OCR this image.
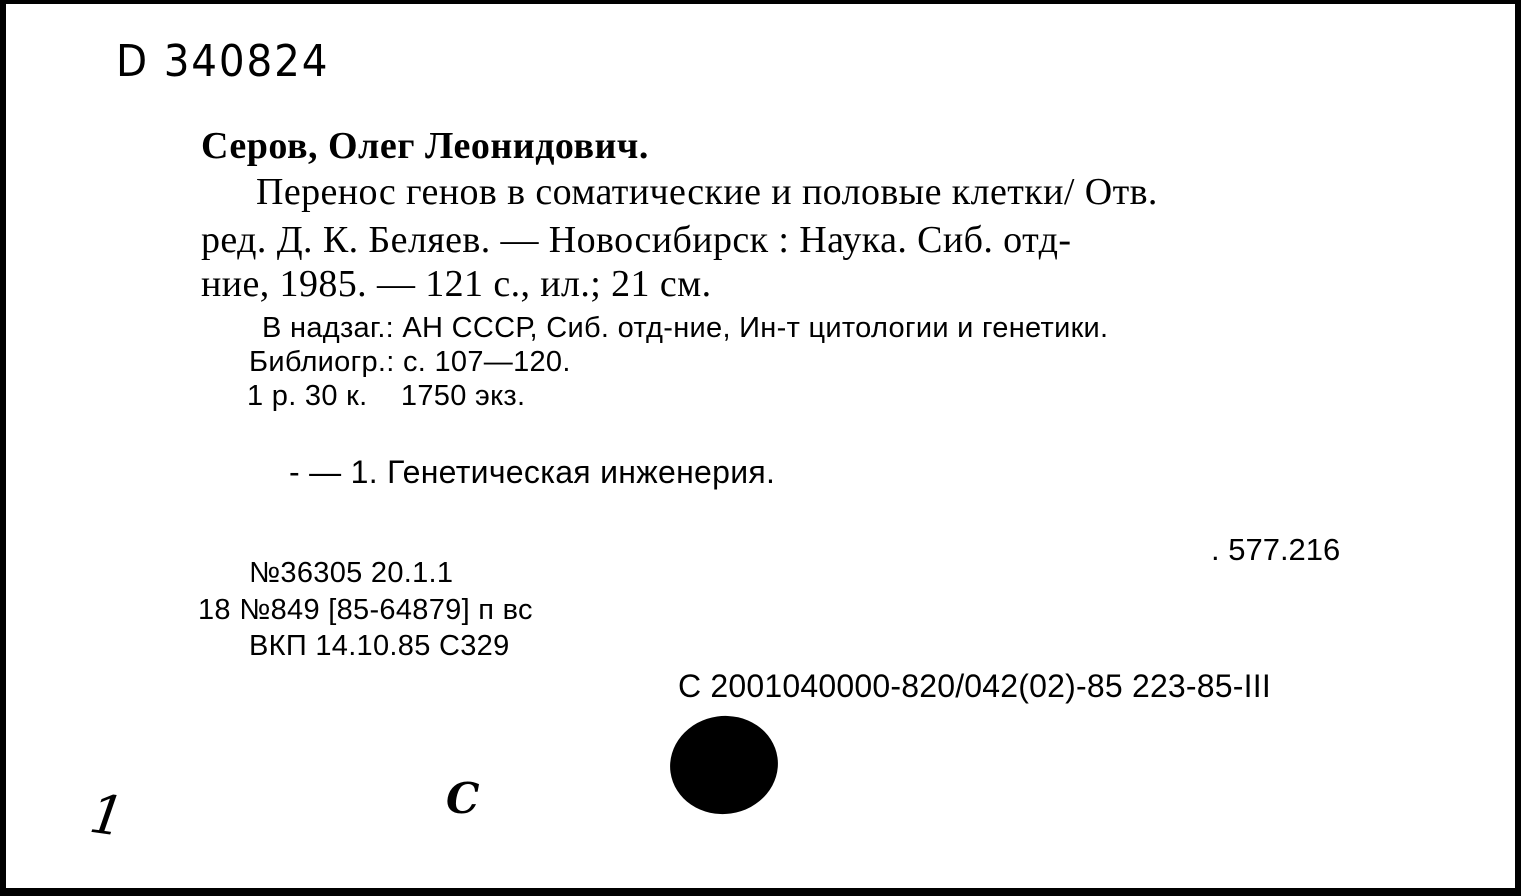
D 340824
Серов, Олег Леонидович.
Перенос генов в соматические и половые клетки/ Отв.
ред. Д. К. Беляев. — Новосибирск : Наука. Сиб. отд-
ние, 1985. — 121 с., ил.; 21 см.
В надзаг.: АН СССР, Сиб. отд-ние, Ин-т цитологии и генетики.
Библиогр.: с. 107—120.
1 р. 30 к.    1750 экз.
- — 1. Генетическая инженерия.
. 577.216
№36305 20.1.1
18 №849 [85-64879] п вс
ВКП 14.10.85 С329
С 2001040000-820/042(02)-85 223-85-III
1	С
